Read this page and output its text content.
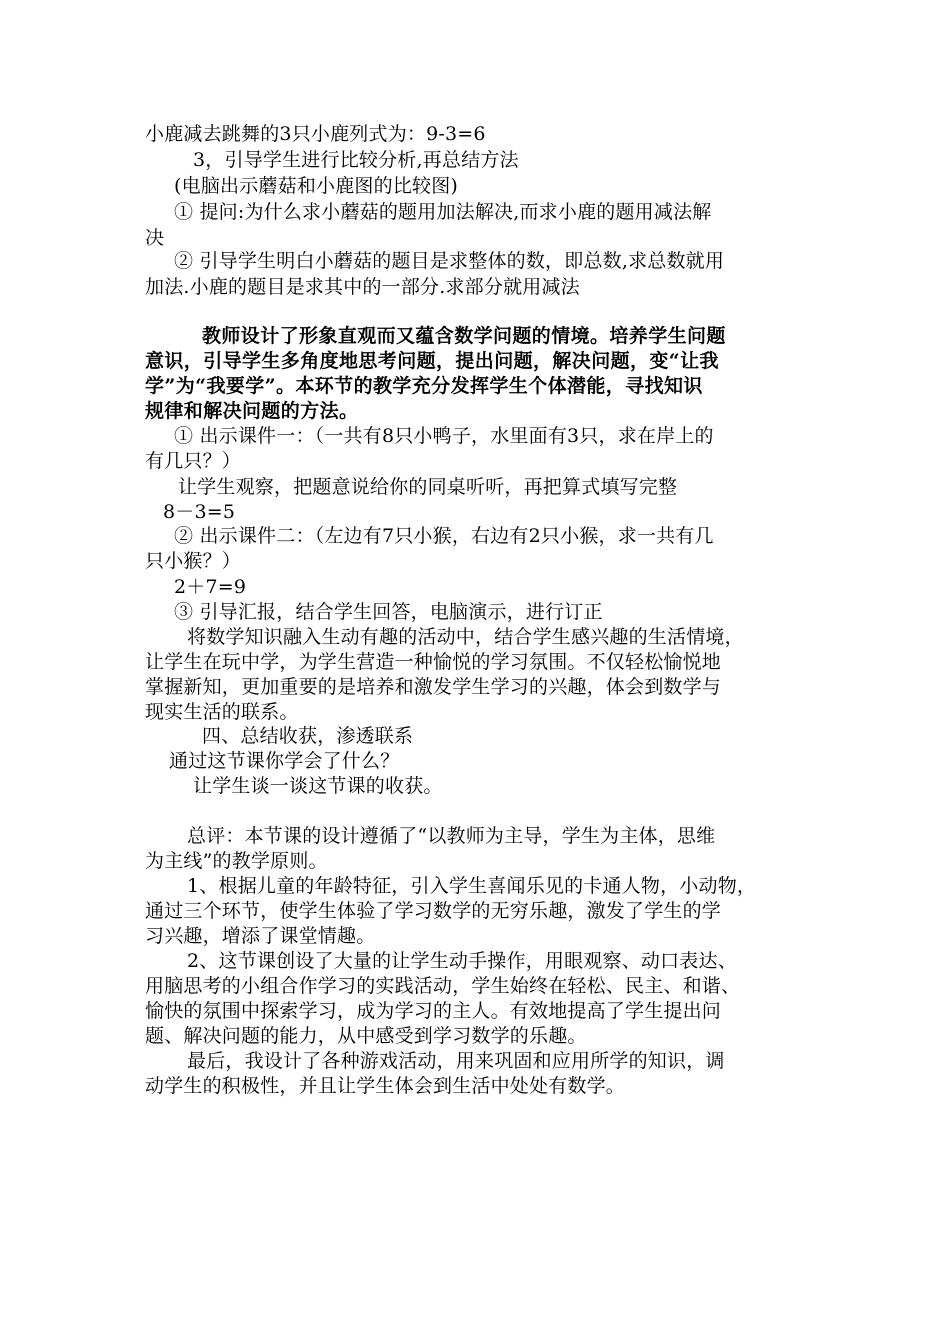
小鹿减去跳舞的3只小鹿列式为：9-3=6
3，引导学生进行比较分析,再总结方法
(电脑出示蘑菇和小鹿图的比较图)
① 提问:为什么求小蘑菇的题用加法解决,而求小鹿的题用减法解
决
② 引导学生明白小蘑菇的题目是求整体的数，即总数,求总数就用
加法.小鹿的题目是求其中的一部分.求部分就用减法
教师设计了形象直观而又蕴含数学问题的情境。培养学生问题
意识，引导学生多角度地思考问题，提出问题，解决问题，变“让我
学”为“我要学”。本环节的教学充分发挥学生个体潜能，寻找知识
规律和解决问题的方法。
① 出示课件一：（一共有8只小鸭子，水里面有3只，求在岸上的
有几只？）
让学生观察，把题意说给你的同桌听听，再把算式填写完整
8－3=5
② 出示课件二：（左边有7只小猴，右边有2只小猴，求一共有几
只小猴？）
2＋7=9
③ 引导汇报，结合学生回答，电脑演示，进行订正
将数学知识融入生动有趣的活动中，结合学生感兴趣的生活情境，
让学生在玩中学，为学生营造一种愉悦的学习氛围。不仅轻松愉悦地
掌握新知，更加重要的是培养和激发学生学习的兴趣，体会到数学与
现实生活的联系。
四、总结收获，渗透联系
通过这节课你学会了什么？
让学生谈一谈这节课的收获。
总评：本节课的设计遵循了“以教师为主导，学生为主体，思维
为主线”的教学原则。
1、根据儿童的年龄特征，引入学生喜闻乐见的卡通人物，小动物，
通过三个环节，使学生体验了学习数学的无穷乐趣，激发了学生的学
习兴趣，增添了课堂情趣。
2、这节课创设了大量的让学生动手操作，用眼观察、动口表达、
用脑思考的小组合作学习的实践活动，学生始终在轻松、民主、和谐、
愉快的氛围中探索学习，成为学习的主人。有效地提高了学生提出问
题、解决问题的能力，从中感受到学习数学的乐趣。
最后，我设计了各种游戏活动，用来巩固和应用所学的知识，调
动学生的积极性，并且让学生体会到生活中处处有数学。
